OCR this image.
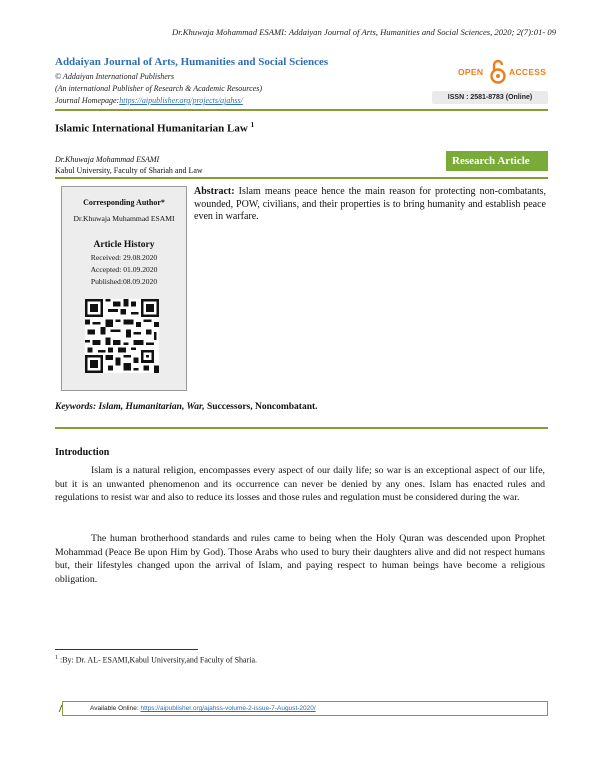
Dr.Khuwaja Mohammad ESAMI: Addaiyan Journal of Arts, Humanities and Social Sciences, 2020; 2(7):01- 09
Addaiyan Journal of Arts, Humanities and Social Sciences
© Addaiyan International Publishers
(An international Publisher of Research & Academic Resources)
Journal Homepage:https://aipublisher.org/projects/ajahss/
OPEN	ACCESS
ISSN : 2581-8783 (Online)
Islamic International Humanitarian Law $^1$
Dr.Khuwaja Mohammad ESAMI
Kabul University, Faculty of Shariah and Law
Research Article
Corresponding Author*
Dr.Khuwaja Muhammad ESAMI
Article History
Received: 29.08.2020
Accepted: 01.09.2020
Published:08.09.2020
Abstract: Islam means peace hence the main reason for protecting non-combatants, wounded, POW, civilians, and their properties is to bring humanity and establish peace even in warfare.
Keywords: Islam, Humanitarian, War, Successors, Noncombatant.
Introduction
Islam is a natural religion, encompasses every aspect of our daily life; so war is an exceptional aspect of our life, but it is an unwanted phenomenon and its occurrence can never be denied by any ones. Islam has enacted rules and regulations to resist war and also to reduce its losses and those rules and regulation must be considered during the war.
The human brotherhood standards and rules came to being when the Holy Quran was descended upon Prophet Mohammad (Peace Be upon Him by God). Those Arabs who used to bury their daughters alive and did not respect humans but, their lifestyles changed upon the arrival of Islam, and paying respect to human beings have become a religious obligation.
$^1$ :By: Dr. AL- ESAMI,Kabul University,and Faculty of Sharia.
Available Online: https://aipublisher.org/ajahss-volume-2-issue-7-August-2020/
